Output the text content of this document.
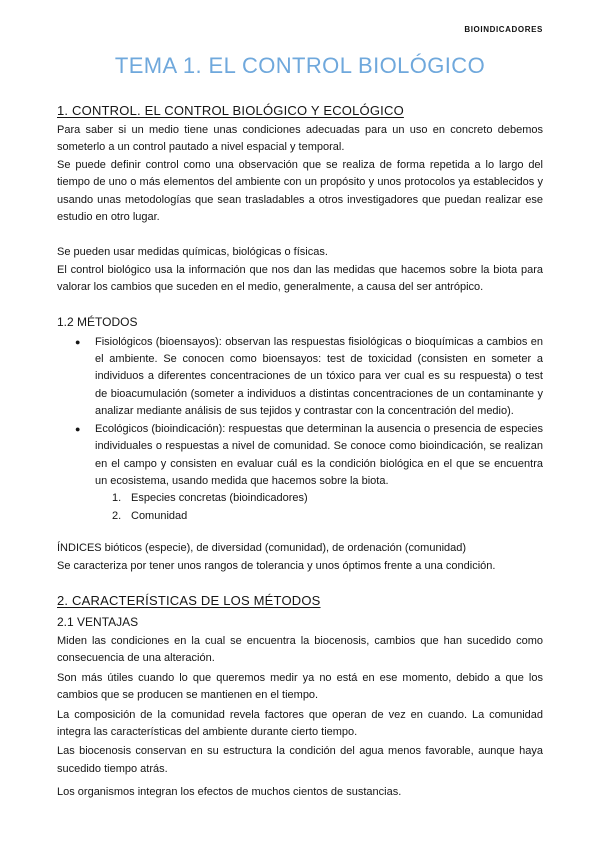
BIOINDICADORES
TEMA 1. EL CONTROL BIOLÓGICO
1. CONTROL. EL CONTROL BIOLÓGICO Y ECOLÓGICO

Para saber si un medio tiene unas condiciones adecuadas para un uso en concreto debemos someterlo a un control pautado a nivel espacial y temporal.

Se puede definir control como una observación que se realiza de forma repetida a lo largo del tiempo de uno o más elementos del ambiente con un propósito y unos protocolos ya establecidos y usando unas metodologías que sean trasladables a otros investigadores que puedan realizar ese estudio en otro lugar.

Se pueden usar medidas químicas, biológicas o físicas.

El control biológico usa la información que nos dan las medidas que hacemos sobre la biota para valorar los cambios que suceden en el medio, generalmente, a causa del ser antrópico.

1.2 MÉTODOS
●	Fisiológicos (bioensayos): observan las respuestas fisiológicas o bioquímicas a cambios en el ambiente. Se conocen como bioensayos: test de toxicidad (consisten en someter a individuos a diferentes concentraciones de un tóxico para ver cual es su respuesta) o test de bioacumulación (someter a individuos a distintas concentraciones de un contaminante y analizar mediante análisis de sus tejidos y contrastar con la concentración del medio).
●	Ecológicos (bioindicación): respuestas que determinan la ausencia o presencia de especies individuales o respuestas a nivel de comunidad. Se conoce como bioindicación, se realizan en el campo y consisten en evaluar cuál es la condición biológica en el que se encuentra un ecosistema, usando medida que hacemos sobre la biota.
1. Especies concretas (bioindicadores)
2. Comunidad

ÍNDICES bióticos (especie), de diversidad (comunidad), de ordenación (comunidad)

Se caracteriza por tener unos rangos de tolerancia y unos óptimos frente a una condición.

2. CARACTERÍSTICAS DE LOS MÉTODOS
2.1 VENTAJAS

Miden las condiciones en la cual se encuentra la biocenosis, cambios que han sucedido como consecuencia de una alteración.

Son más útiles cuando lo que queremos medir ya no está en ese momento, debido a que los cambios que se producen se mantienen en el tiempo.

La composición de la comunidad revela factores que operan de vez en cuando. La comunidad integra las características del ambiente durante cierto tiempo.

Las biocenosis conservan en su estructura la condición del agua menos favorable, aunque haya sucedido tiempo atrás.

Los organismos integran los efectos de muchos cientos de sustancias.
